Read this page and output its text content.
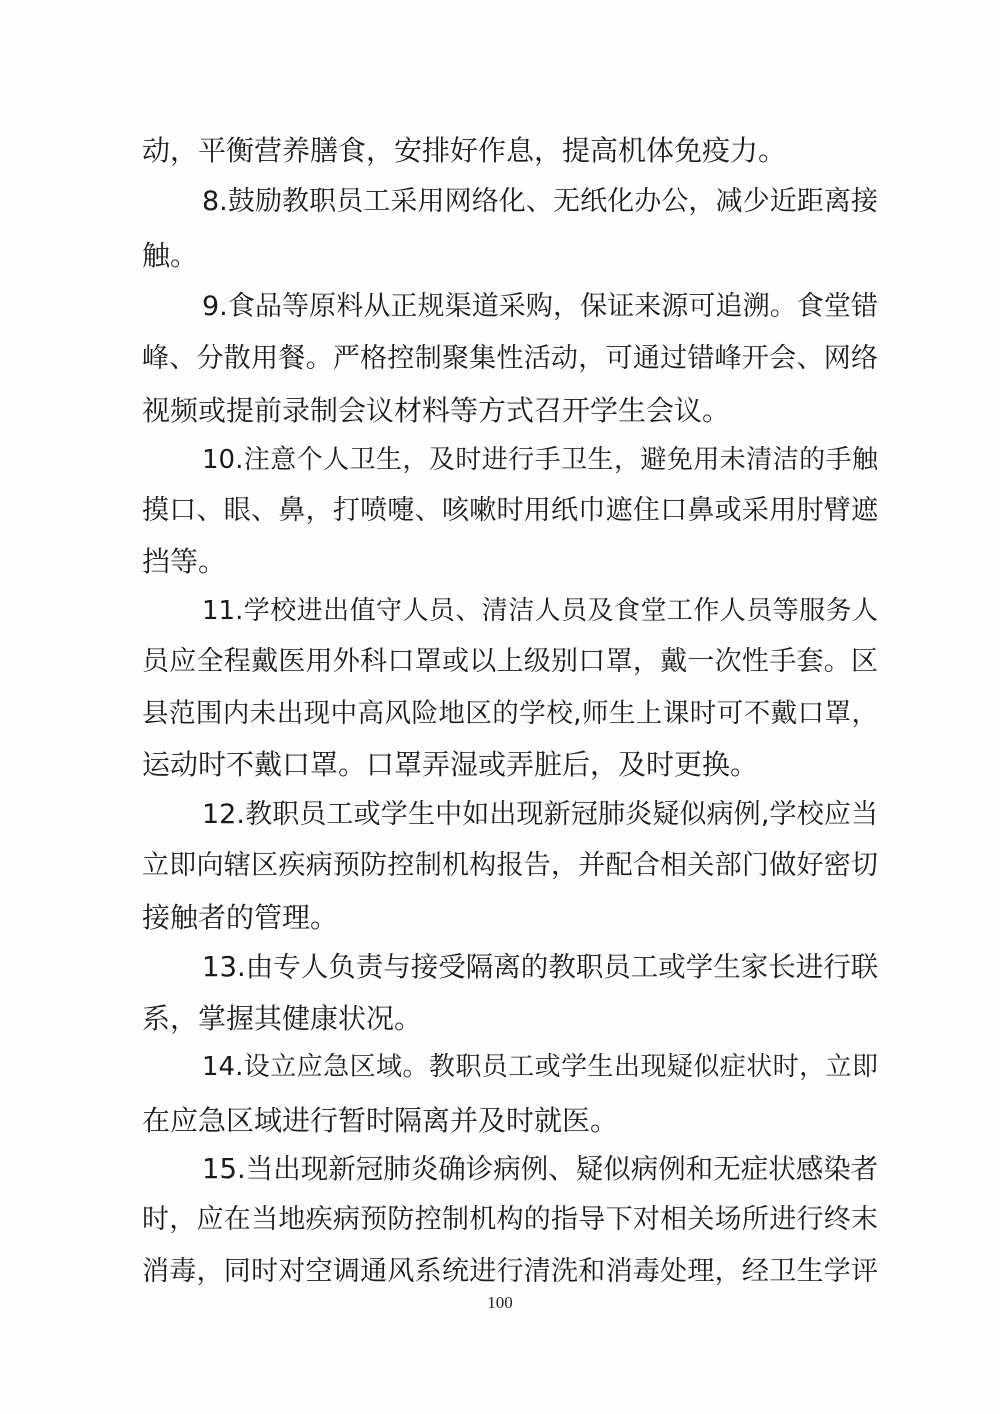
动，平衡营养膳食，安排好作息，提高机体免疫力。
8.鼓励教职员工采用网络化、无纸化办公，减少近距离接
触。
9.食品等原料从正规渠道采购，保证来源可追溯。食堂错
峰、分散用餐。严格控制聚集性活动，可通过错峰开会、网络
视频或提前录制会议材料等方式召开学生会议。
10.注意个人卫生，及时进行手卫生，避免用未清洁的手触
摸口、眼、鼻，打喷嚏、咳嗽时用纸巾遮住口鼻或采用肘臂遮
挡等。
11.学校进出值守人员、清洁人员及食堂工作人员等服务人
员应全程戴医用外科口罩或以上级别口罩，戴一次性手套。区
县范围内未出现中高风险地区的学校,师生上课时可不戴口罩，
运动时不戴口罩。口罩弄湿或弄脏后，及时更换。
12.教职员工或学生中如出现新冠肺炎疑似病例,学校应当
立即向辖区疾病预防控制机构报告，并配合相关部门做好密切
接触者的管理。
13.由专人负责与接受隔离的教职员工或学生家长进行联
系，掌握其健康状况。
14.设立应急区域。教职员工或学生出现疑似症状时，立即
在应急区域进行暂时隔离并及时就医。
15.当出现新冠肺炎确诊病例、疑似病例和无症状感染者
时，应在当地疾病预防控制机构的指导下对相关场所进行终末
消毒，同时对空调通风系统进行清洗和消毒处理，经卫生学评
100
